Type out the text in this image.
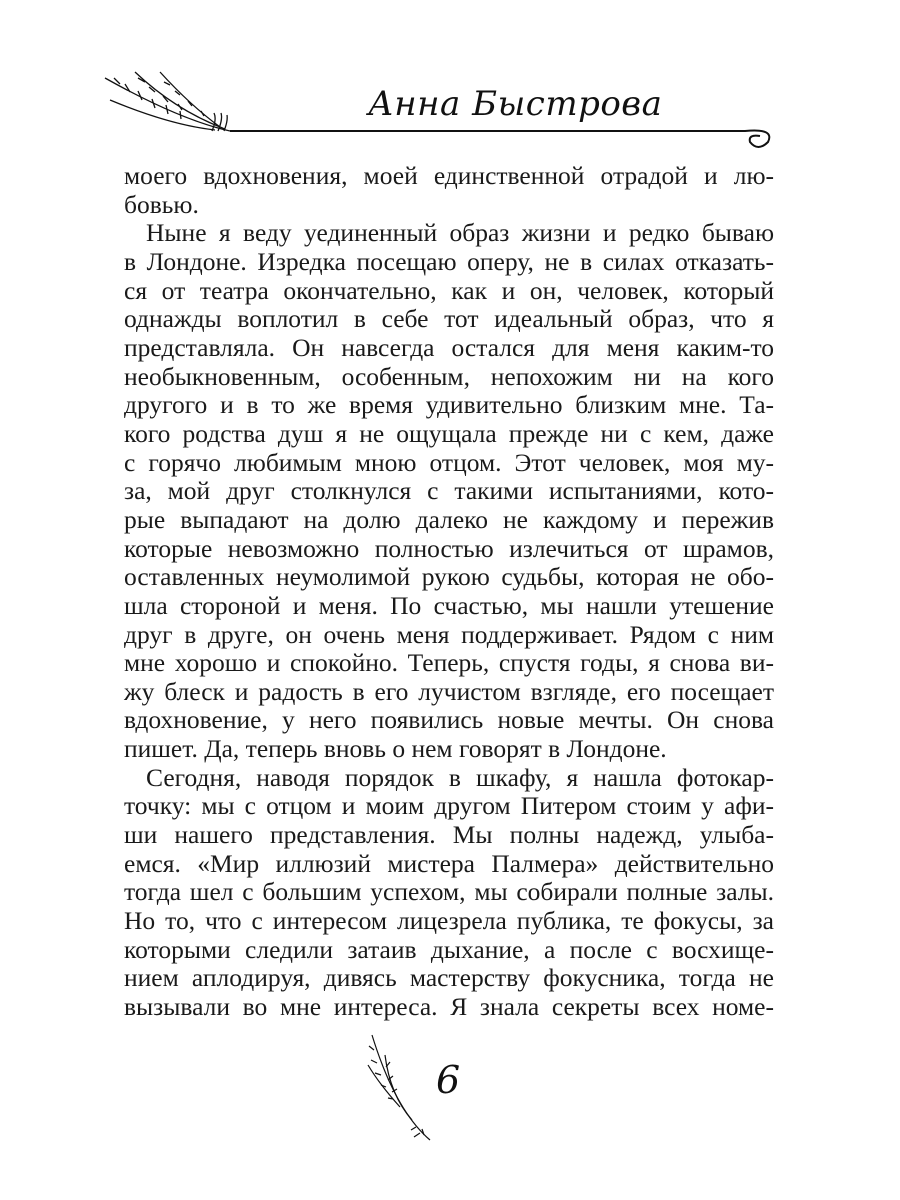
Анна Быстрова
моего вдохновения, моей единственной отрадой и лю-
бовью.
Ныне я веду уединенный образ жизни и редко бываю
в Лондоне. Изредка посещаю оперу, не в силах отказать-
ся от театра окончательно, как и он, человек, который
однажды воплотил в себе тот идеальный образ, что я
представляла. Он навсегда остался для меня каким-то
необыкновенным, особенным, непохожим ни на кого
другого и в то же время удивительно близким мне. Та-
кого родства душ я не ощущала прежде ни с кем, даже
с горячо любимым мною отцом. Этот человек, моя му-
за, мой друг столкнулся с такими испытаниями, кото-
рые выпадают на долю далеко не каждому и пережив
которые невозможно полностью излечиться от шрамов,
оставленных неумолимой рукою судьбы, которая не обо-
шла стороной и меня. По счастью, мы нашли утешение
друг в друге, он очень меня поддерживает. Рядом с ним
мне хорошо и спокойно. Теперь, спустя годы, я снова ви-
жу блеск и радость в его лучистом взгляде, его посещает
вдохновение, у него появились новые мечты. Он снова
пишет. Да, теперь вновь о нем говорят в Лондоне.
Сегодня, наводя порядок в шкафу, я нашла фотокар-
точку: мы с отцом и моим другом Питером стоим у афи-
ши нашего представления. Мы полны надежд, улыба-
емся. «Мир иллюзий мистера Палмера» действительно
тогда шел с большим успехом, мы собирали полные залы.
Но то, что с интересом лицезрела публика, те фокусы, за
которыми следили затаив дыхание, а после с восхище-
нием аплодируя, дивясь мастерству фокусника, тогда не
вызывали во мне интереса. Я знала секреты всех номе-
6
